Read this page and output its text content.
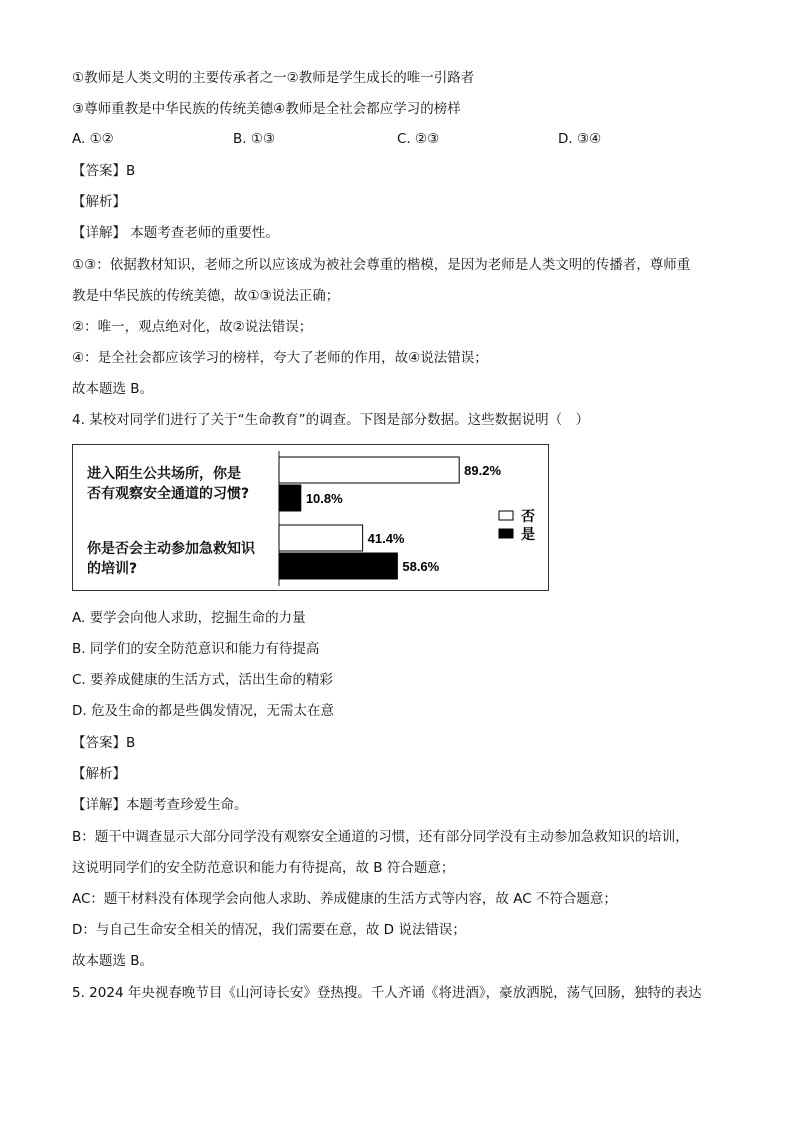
①教师是人类文明的主要传承者之一②教师是学生成长的唯一引路者
③尊师重教是中华民族的传统美德④教师是全社会都应学习的榜样
A. ①②	B. ①③	C. ②③	D. ③④
【答案】B
【解析】
【详解】 本题考查老师的重要性。
①③：依据教材知识，老师之所以应该成为被社会尊重的楷模，是因为老师是人类文明的传播者，尊师重
教是中华民族的传统美德，故①③说法正确；
②：唯一，观点绝对化，故②说法错误；
④：是全社会都应该学习的榜样，夸大了老师的作用，故④说法错误；
故本题选 B。
4. 某校对同学们进行了关于“生命教育”的调查。下图是部分数据。这些数据说明（　）
进入陌生公共场所，你是
否有观察安全通道的习惯?
你是否会主动参加急救知识
的培训?
89.2%
10.8%
41.4%
58.6%
否
是
A. 要学会向他人求助，挖掘生命的力量
B. 同学们的安全防范意识和能力有待提高
C. 要养成健康的生活方式，活出生命的精彩
D. 危及生命的都是些偶发情况，无需太在意
【答案】B
【解析】
【详解】本题考查珍爱生命。
B：题干中调查显示大部分同学没有观察安全通道的习惯，还有部分同学没有主动参加急救知识的培训，
这说明同学们的安全防范意识和能力有待提高，故 B 符合题意；
AC：题干材料没有体现学会向他人求助、养成健康的生活方式等内容，故 AC 不符合题意；
D：与自己生命安全相关的情况，我们需要在意，故 D 说法错误；
故本题选 B。
5. 2024 年央视春晚节目《山河诗长安》登热搜。千人齐诵《将进酒》，豪放洒脱，荡气回肠，独特的表达
